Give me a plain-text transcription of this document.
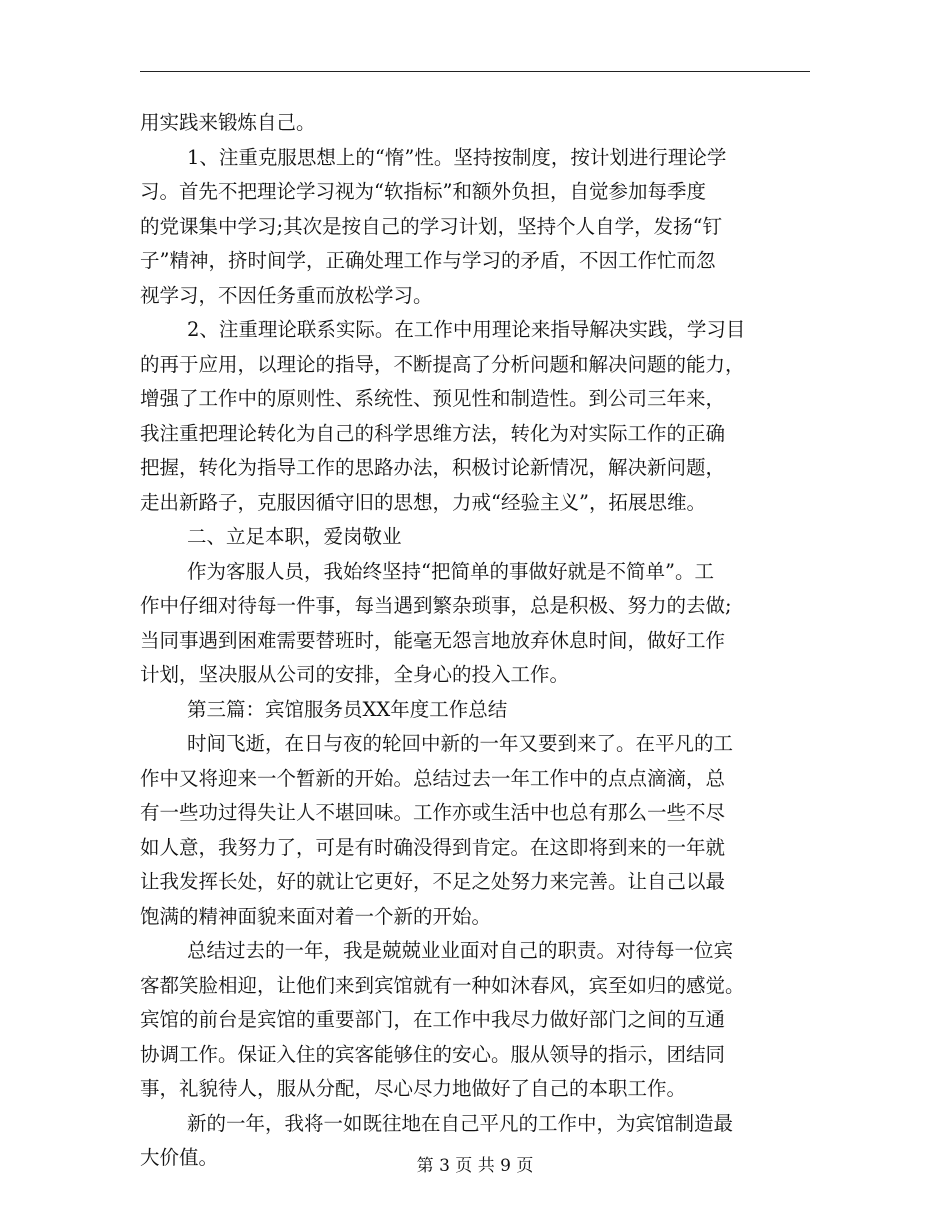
用实践来锻炼自己。
1、注重克服思想上的“惰”性。坚持按制度，按计划进行理论学
习。首先不把理论学习视为“软指标”和额外负担，自觉参加每季度
的党课集中学习;其次是按自己的学习计划，坚持个人自学，发扬“钉
子”精神，挤时间学，正确处理工作与学习的矛盾，不因工作忙而忽
视学习，不因任务重而放松学习。
2、注重理论联系实际。在工作中用理论来指导解决实践，学习目
的再于应用，以理论的指导，不断提高了分析问题和解决问题的能力，
增强了工作中的原则性、系统性、预见性和制造性。到公司三年来，
我注重把理论转化为自己的科学思维方法，转化为对实际工作的正确
把握，转化为指导工作的思路办法，积极讨论新情况，解决新问题，
走出新路子，克服因循守旧的思想，力戒“经验主义”，拓展思维。
二、立足本职，爱岗敬业
作为客服人员，我始终坚持“把简单的事做好就是不简单”。工
作中仔细对待每一件事，每当遇到繁杂琐事，总是积极、努力的去做;
当同事遇到困难需要替班时，能毫无怨言地放弃休息时间，做好工作
计划，坚决服从公司的安排，全身心的投入工作。
第三篇：宾馆服务员XX年度工作总结
时间飞逝，在日与夜的轮回中新的一年又要到来了。在平凡的工
作中又将迎来一个暂新的开始。总结过去一年工作中的点点滴滴，总
有一些功过得失让人不堪回味。工作亦或生活中也总有那么一些不尽
如人意，我努力了，可是有时确没得到肯定。在这即将到来的一年就
让我发挥长处，好的就让它更好，不足之处努力来完善。让自己以最
饱满的精神面貌来面对着一个新的开始。
总结过去的一年，我是兢兢业业面对自己的职责。对待每一位宾
客都笑脸相迎，让他们来到宾馆就有一种如沐春风，宾至如归的感觉。
宾馆的前台是宾馆的重要部门，在工作中我尽力做好部门之间的互通
协调工作。保证入住的宾客能够住的安心。服从领导的指示，团结同
事，礼貌待人，服从分配，尽心尽力地做好了自己的本职工作。
新的一年，我将一如既往地在自己平凡的工作中，为宾馆制造最
大价值。	第 3 页 共 9 页
